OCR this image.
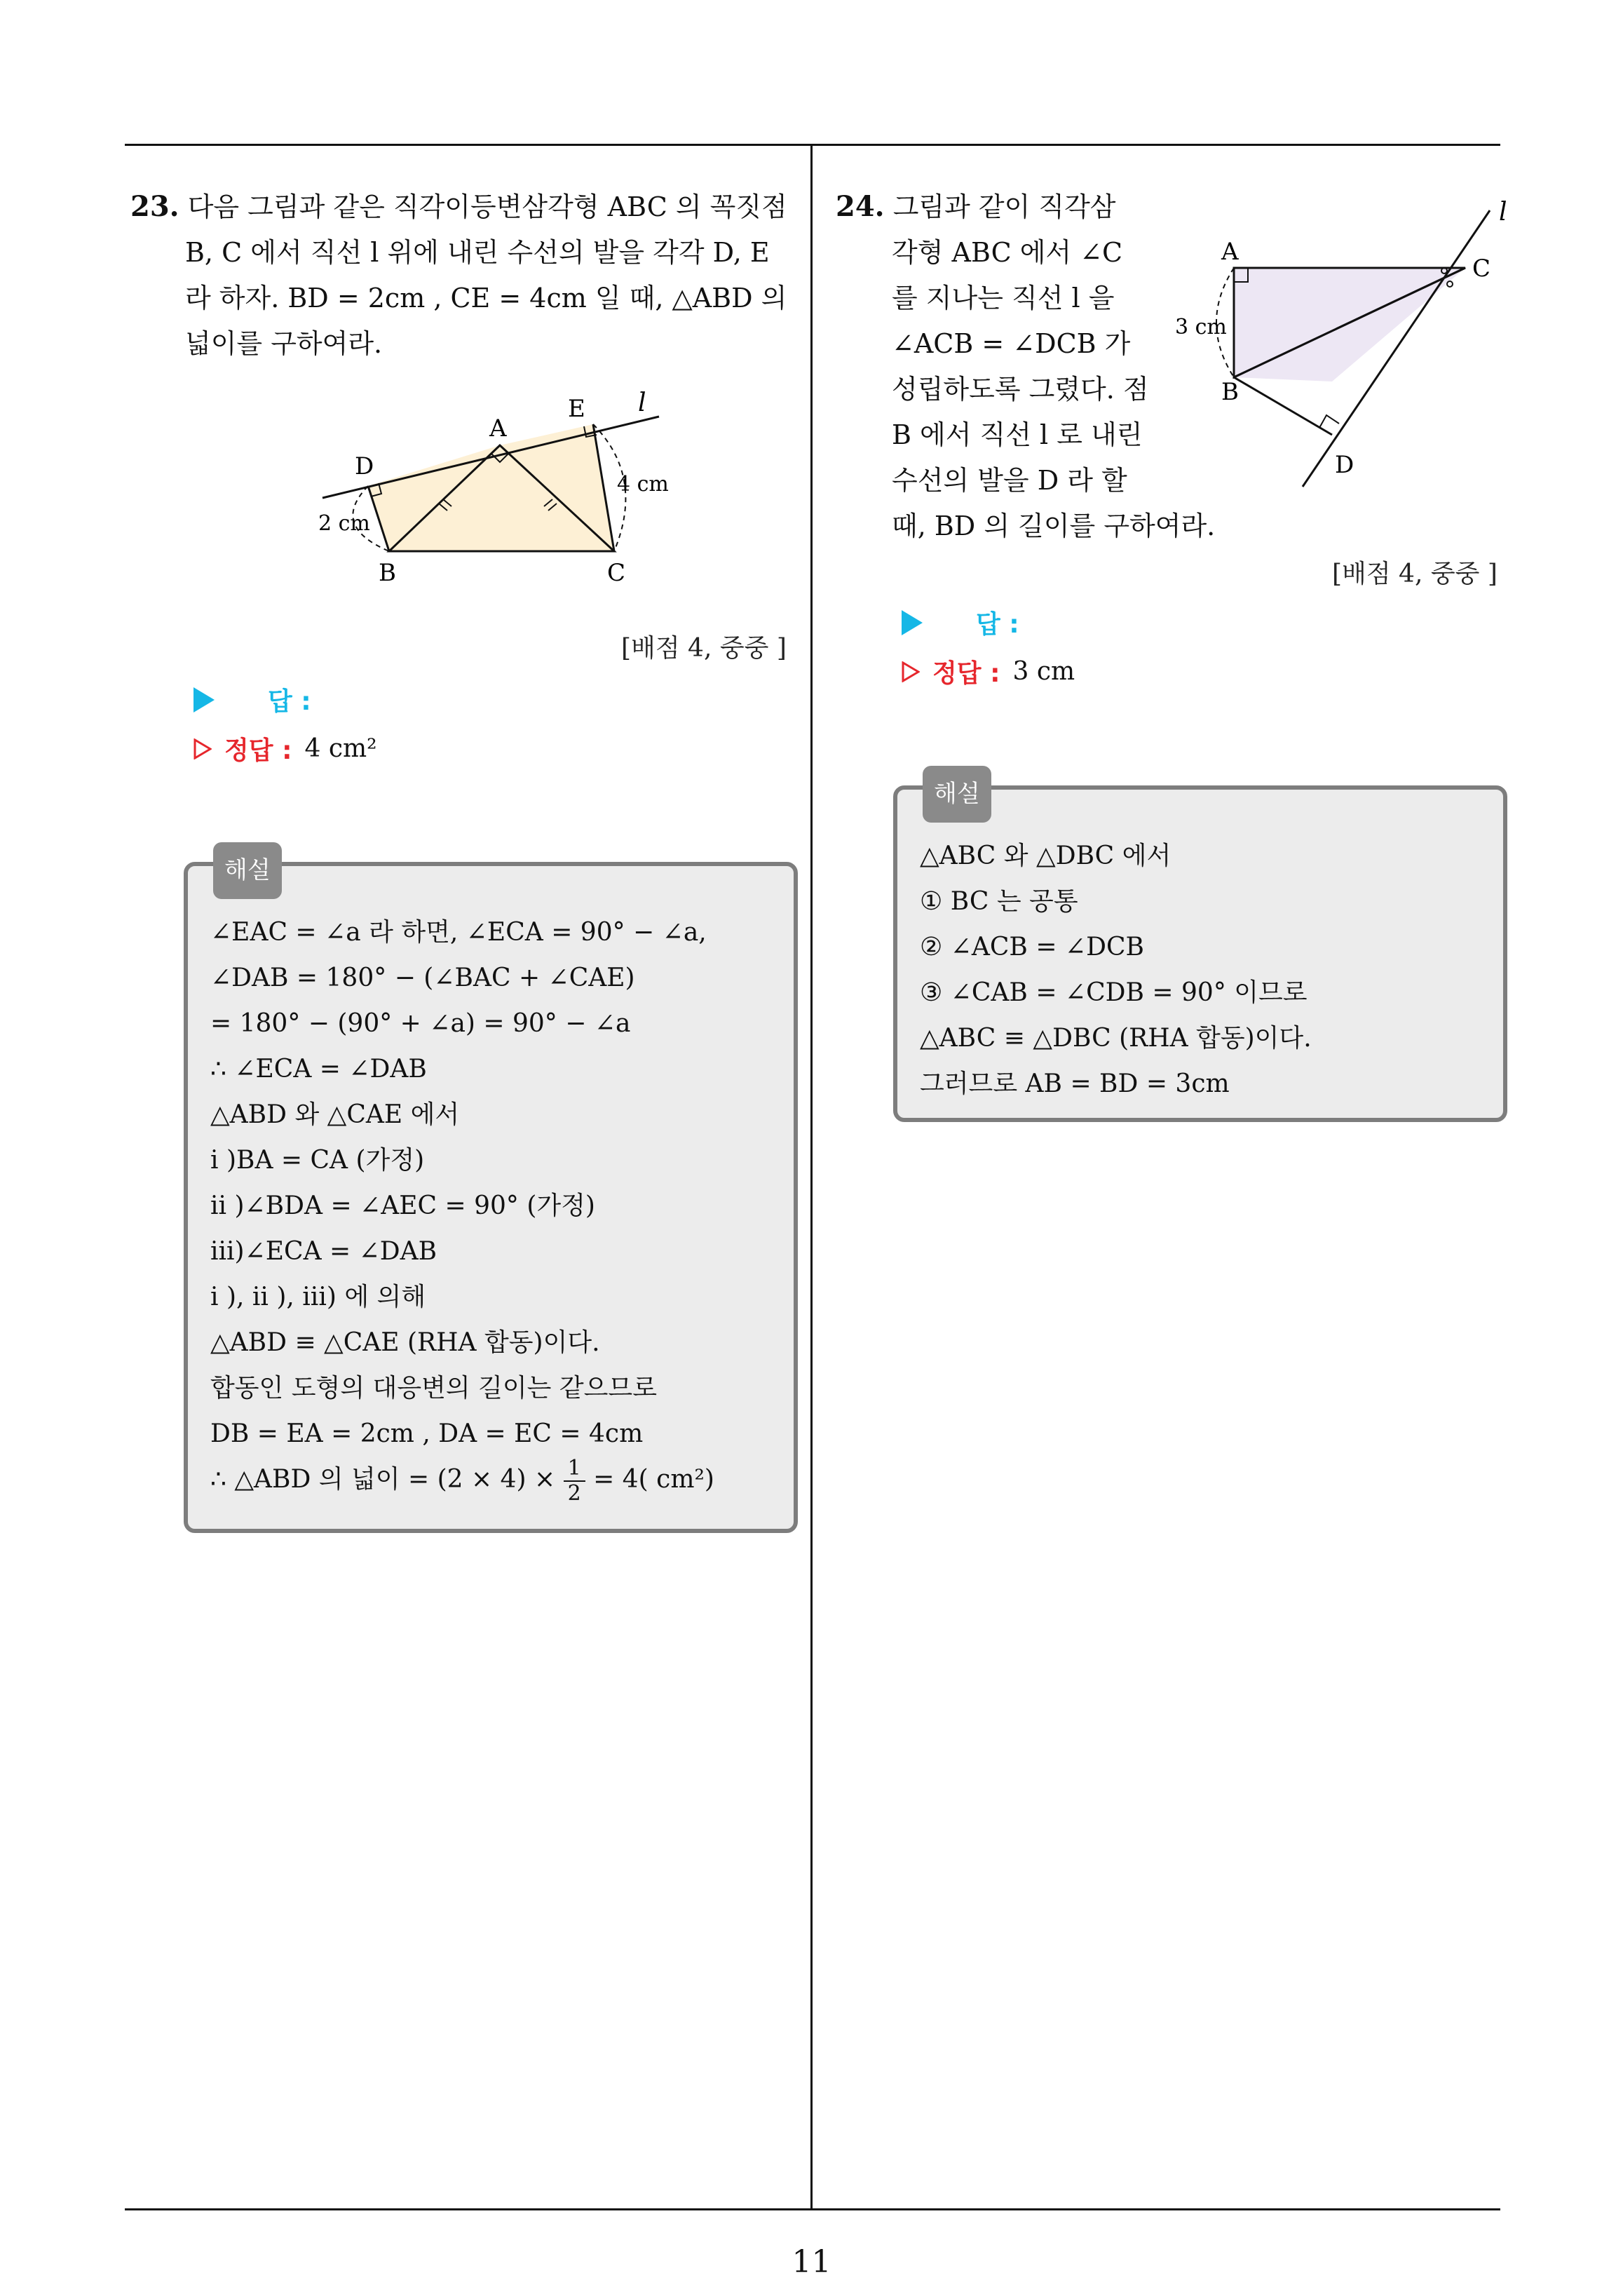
23. 다음 그림과 같은 직각이등변삼각형 ABC 의 꼭짓점
B, C 에서 직선 l 위에 내린 수선의 발을 각각 D, E
라 하자. BD = 2cm , CE = 4cm 일 때, △ABD 의
넓이를 구하여라.
A
B	C
D
E l
2 cm
4 cm
[배점 4, 중중 ]
답 :
정답 : 4 cm²
해설
∠EAC = ∠a 라 하면, ∠ECA = 90° − ∠a,
∠DAB = 180° − (∠BAC + ∠CAE)
= 180° − (90° + ∠a) = 90° − ∠a
∴ ∠ECA = ∠DAB
△ABD 와 △CAE 에서
i )BA = CA (가정)
ii )∠BDA = ∠AEC = 90° (가정)
iii)∠ECA = ∠DAB
i ), ii ), iii) 에 의해
△ABD ≡ △CAE (RHA 합동)이다.
합동인 도형의 대응변의 길이는 같으므로
DB = EA = 2cm , DA = EC = 4cm
∴ △ABD 의 넓이 = $(2 \times 4) \times \frac{1}{2} = 4$( cm²)
24. 그림과 같이 직각삼
각형 ABC 에서 ∠C
를 지나는 직선 l 을
∠ACB = ∠DCB 가
성립하도록 그렸다. 점
B 에서 직선 l 로 내린
수선의 발을 D 라 할
때, BD 의 길이를 구하여라.
A
B
C
D
l
3 cm
[배점 4, 중중 ]
답 :
정답 : 3 cm
해설
△ABC 와 △DBC 에서
① BC 는 공통
② ∠ACB = ∠DCB
③ ∠CAB = ∠CDB = 90° 이므로
△ABC ≡ △DBC (RHA 합동)이다.
그러므로 AB = BD = 3cm
11
